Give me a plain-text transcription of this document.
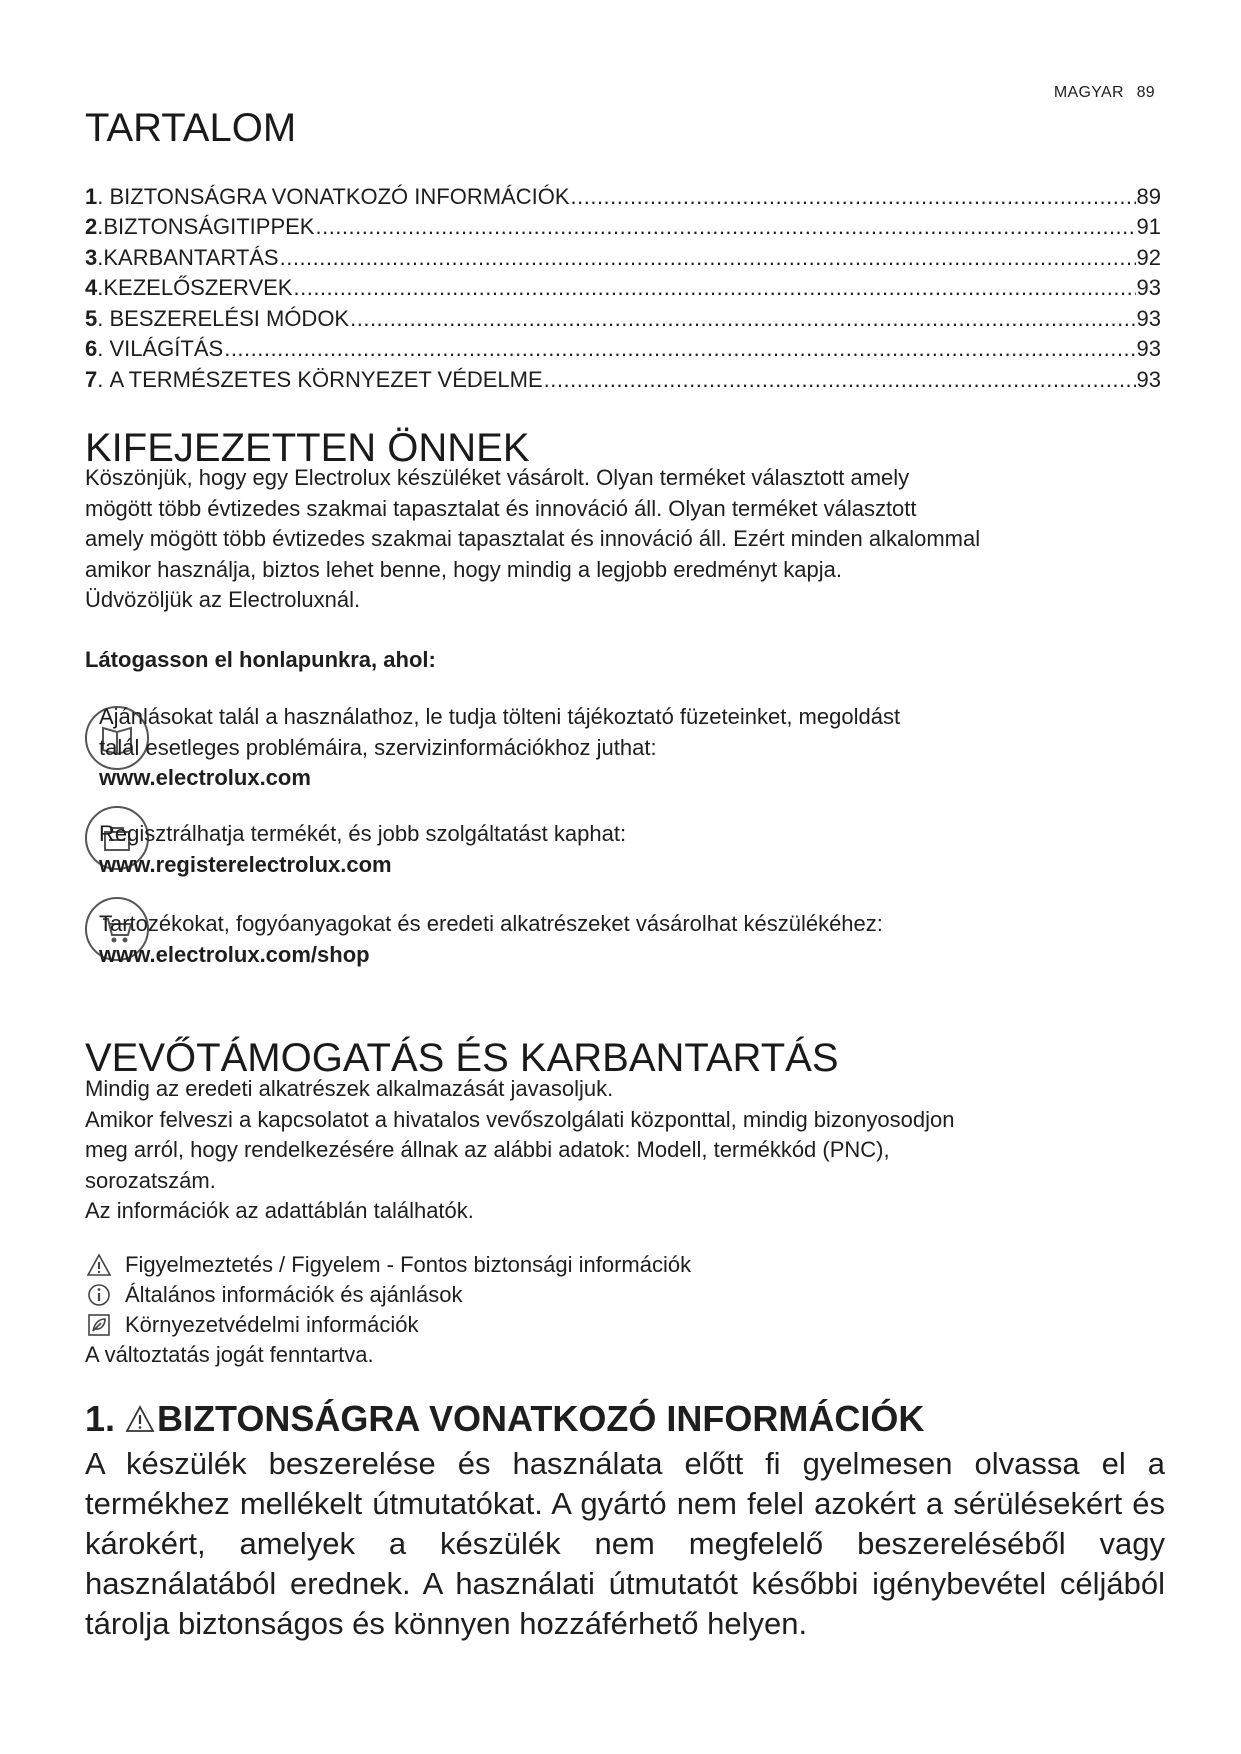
MAGYAR 89
TARTALOM
1 . BIZTONSÁGRA VONATKOZÓ INFORMÁCIÓK .....	89
2 . BIZTONSÁGITIPPEK .....	91
3 . KARBANTARTÁS .....	92
4 . KEZELŐSZERVEK .....	93
5 . BESZERELÉSI MÓDOK .....	93
6 . VILÁGÍTÁS .....	93
7 . A TERMÉSZETES KÖRNYEZET VÉDELME .....	93
KIFEJEZETTEN ÖNNEK
Köszönjük, hogy egy Electrolux készüléket vásárolt. Olyan terméket választott amely
mögött több évtizedes szakmai tapasztalat és innováció áll. Olyan terméket választott
amely mögött több évtizedes szakmai tapasztalat és innováció áll. Ezért minden alkalommal
amikor használja, biztos lehet benne, hogy mindig a legjobb eredményt kapja.
Üdvözöljük az Electroluxnál.
Látogasson el honlapunkra, ahol:
Ajánlásokat talál a használathoz, le tudja tölteni tájékoztató füzeteinket, megoldást
talál esetleges problémáira, szervizinformációkhoz juthat:
www.electrolux.com
Regisztrálhatja termékét, és jobb szolgáltatást kaphat:
www.registerelectrolux.com
Tartozékokat, fogyóanyagokat és eredeti alkatrészeket vásárolhat készülékéhez:
www.electrolux.com/shop
VEVŐTÁMOGATÁS ÉS KARBANTARTÁS
Mindig az eredeti alkatrészek alkalmazását javasoljuk.
Amikor felveszi a kapcsolatot a hivatalos vevőszolgálati központtal, mindig bizonyosodjon
meg arról, hogy rendelkezésére állnak az alábbi adatok: Modell, termékkód (PNC),
sorozatszám.
Az információk az adattáblán találhatók.
Figyelmeztetés / Figyelem - Fontos biztonsági információk
Általános információk és ajánlások
Környezetvédelmi információk
A változtatás jogát fenntartva.
1. BIZTONSÁGRA VONATKOZÓ INFORMÁCIÓK
A készülék beszerelése és használata előtt fi gyelmesen olvassa el a termékhez mellékelt útmutatókat. A gyártó nem felel azokért a sérülésekért és károkért, amelyek a készülék nem megfelelő beszereléséből vagy használatából erednek. A használati útmutatót későbbi igénybevétel céljából tárolja biztonságos és könnyen hozzáférhető helyen.
